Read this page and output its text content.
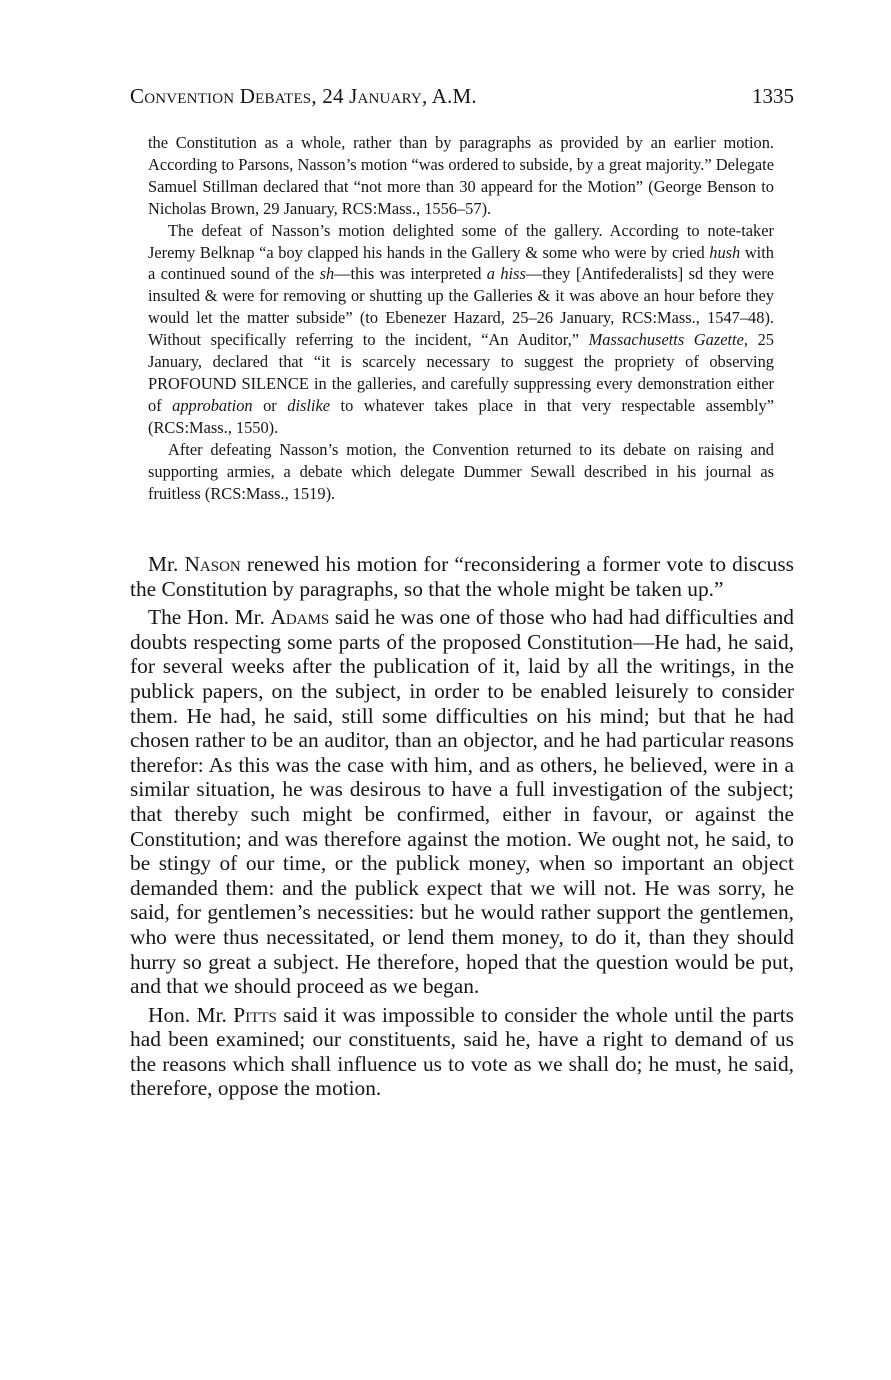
Convention Debates, 24 January, A.M.	1335

the Constitution as a whole, rather than by paragraphs as provided by an earlier motion. According to Parsons, Nasson’s motion “was ordered to subside, by a great majority.” Delegate Samuel Stillman declared that “not more than 30 appeard for the Motion” (George Benson to Nicholas Brown, 29 January, RCS:Mass., 1556–57).

The defeat of Nasson’s motion delighted some of the gallery. According to note-taker Jeremy Belknap “a boy clapped his hands in the Gallery & some who were by cried hush with a continued sound of the sh—this was interpreted a hiss—they [Antifederalists] sd they were insulted & were for removing or shutting up the Galleries & it was above an hour before they would let the matter subside” (to Ebenezer Hazard, 25–26 January, RCS:Mass., 1547–48). Without specifically referring to the incident, “An Auditor,” Massachusetts Gazette, 25 January, declared that “it is scarcely necessary to suggest the propriety of observing PROFOUND SILENCE in the galleries, and carefully suppressing every demonstration either of approbation or dislike to whatever takes place in that very respectable assembly” (RCS:Mass., 1550).

After defeating Nasson’s motion, the Convention returned to its debate on raising and supporting armies, a debate which delegate Dummer Sewall described in his journal as fruitless (RCS:Mass., 1519).

Mr. Nason renewed his motion for “reconsidering a former vote to discuss the Constitution by paragraphs, so that the whole might be taken up.”

The Hon. Mr. Adams said he was one of those who had had difficulties and doubts respecting some parts of the proposed Constitution—He had, he said, for several weeks after the publication of it, laid by all the writings, in the publick papers, on the subject, in order to be enabled leisurely to consider them. He had, he said, still some difficulties on his mind; but that he had chosen rather to be an auditor, than an objector, and he had particular reasons therefor: As this was the case with him, and as others, he believed, were in a similar situation, he was desirous to have a full investigation of the subject; that thereby such might be confirmed, either in favour, or against the Constitution; and was therefore against the motion. We ought not, he said, to be stingy of our time, or the publick money, when so important an object demanded them: and the publick expect that we will not. He was sorry, he said, for gentlemen’s necessities: but he would rather support the gentlemen, who were thus necessitated, or lend them money, to do it, than they should hurry so great a subject. He therefore, hoped that the question would be put, and that we should proceed as we began.

Hon. Mr. Pitts said it was impossible to consider the whole until the parts had been examined; our constituents, said he, have a right to demand of us the reasons which shall influence us to vote as we shall do; he must, he said, therefore, oppose the motion.
